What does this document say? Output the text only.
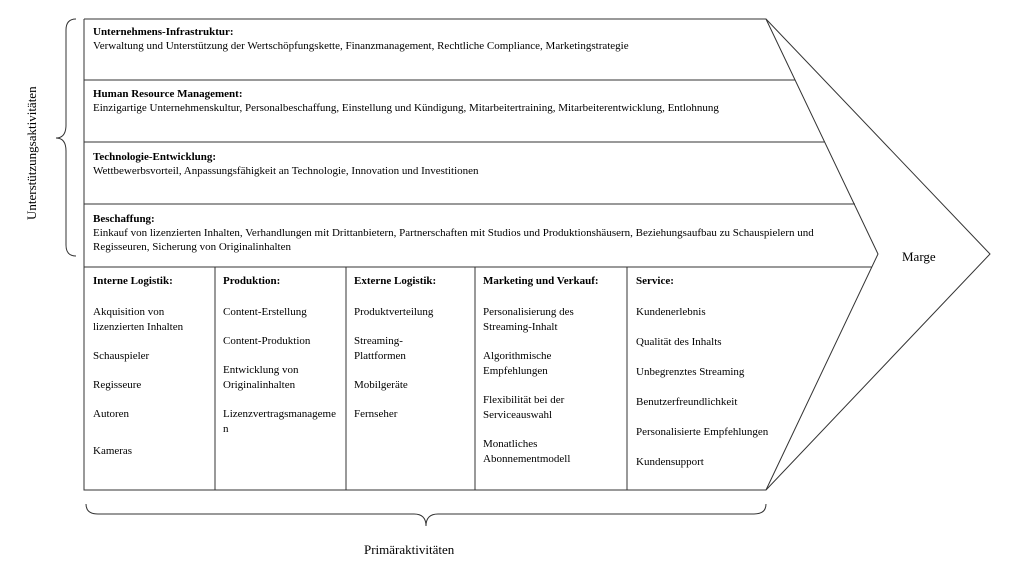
Unternehmens-Infrastruktur:
Verwaltung und Unterstützung der Wertschöpfungskette, Finanzmanagement, Rechtliche Compliance, Marketingstrategie
Human Resource Management:
Einzigartige Unternehmenskultur, Personalbeschaffung, Einstellung und Kündigung, Mitarbeitertraining, Mitarbeiterentwicklung, Entlohnung
Technologie-Entwicklung:
Wettbewerbsvorteil, Anpassungsfähigkeit an Technologie, Innovation und Investitionen
Beschaffung:
Einkauf von lizenzierten Inhalten, Verhandlungen mit Drittanbietern, Partnerschaften mit Studios und Produktionshäusern, Beziehungsaufbau zu Schauspielern und Regisseuren, Sicherung von Originalinhalten
Interne Logistik:
Akquisition von lizenzierten Inhalten
Schauspieler
Regisseure
Autoren
Kameras
Produktion:
Content-Erstellung
Content-Produktion
Entwicklung von Originalinhalten
Lizenzvertragsmanagemen
Externe Logistik:
Produktverteilung
Streaming-Plattformen
Mobilgeräte
Fernseher
Marketing und Verkauf:
Personalisierung des Streaming-Inhalt
Algorithmische Empfehlungen
Flexibilität bei der Serviceauswahl
Monatliches Abonnementmodell
Service:
Kundenerlebnis
Qualität des Inhalts
Unbegrenztes Streaming
Benutzerfreundlichkeit
Personalisierte Empfehlungen
Kundensupport
Unterstützungsaktivitäten
Primäraktivitäten
Marge
